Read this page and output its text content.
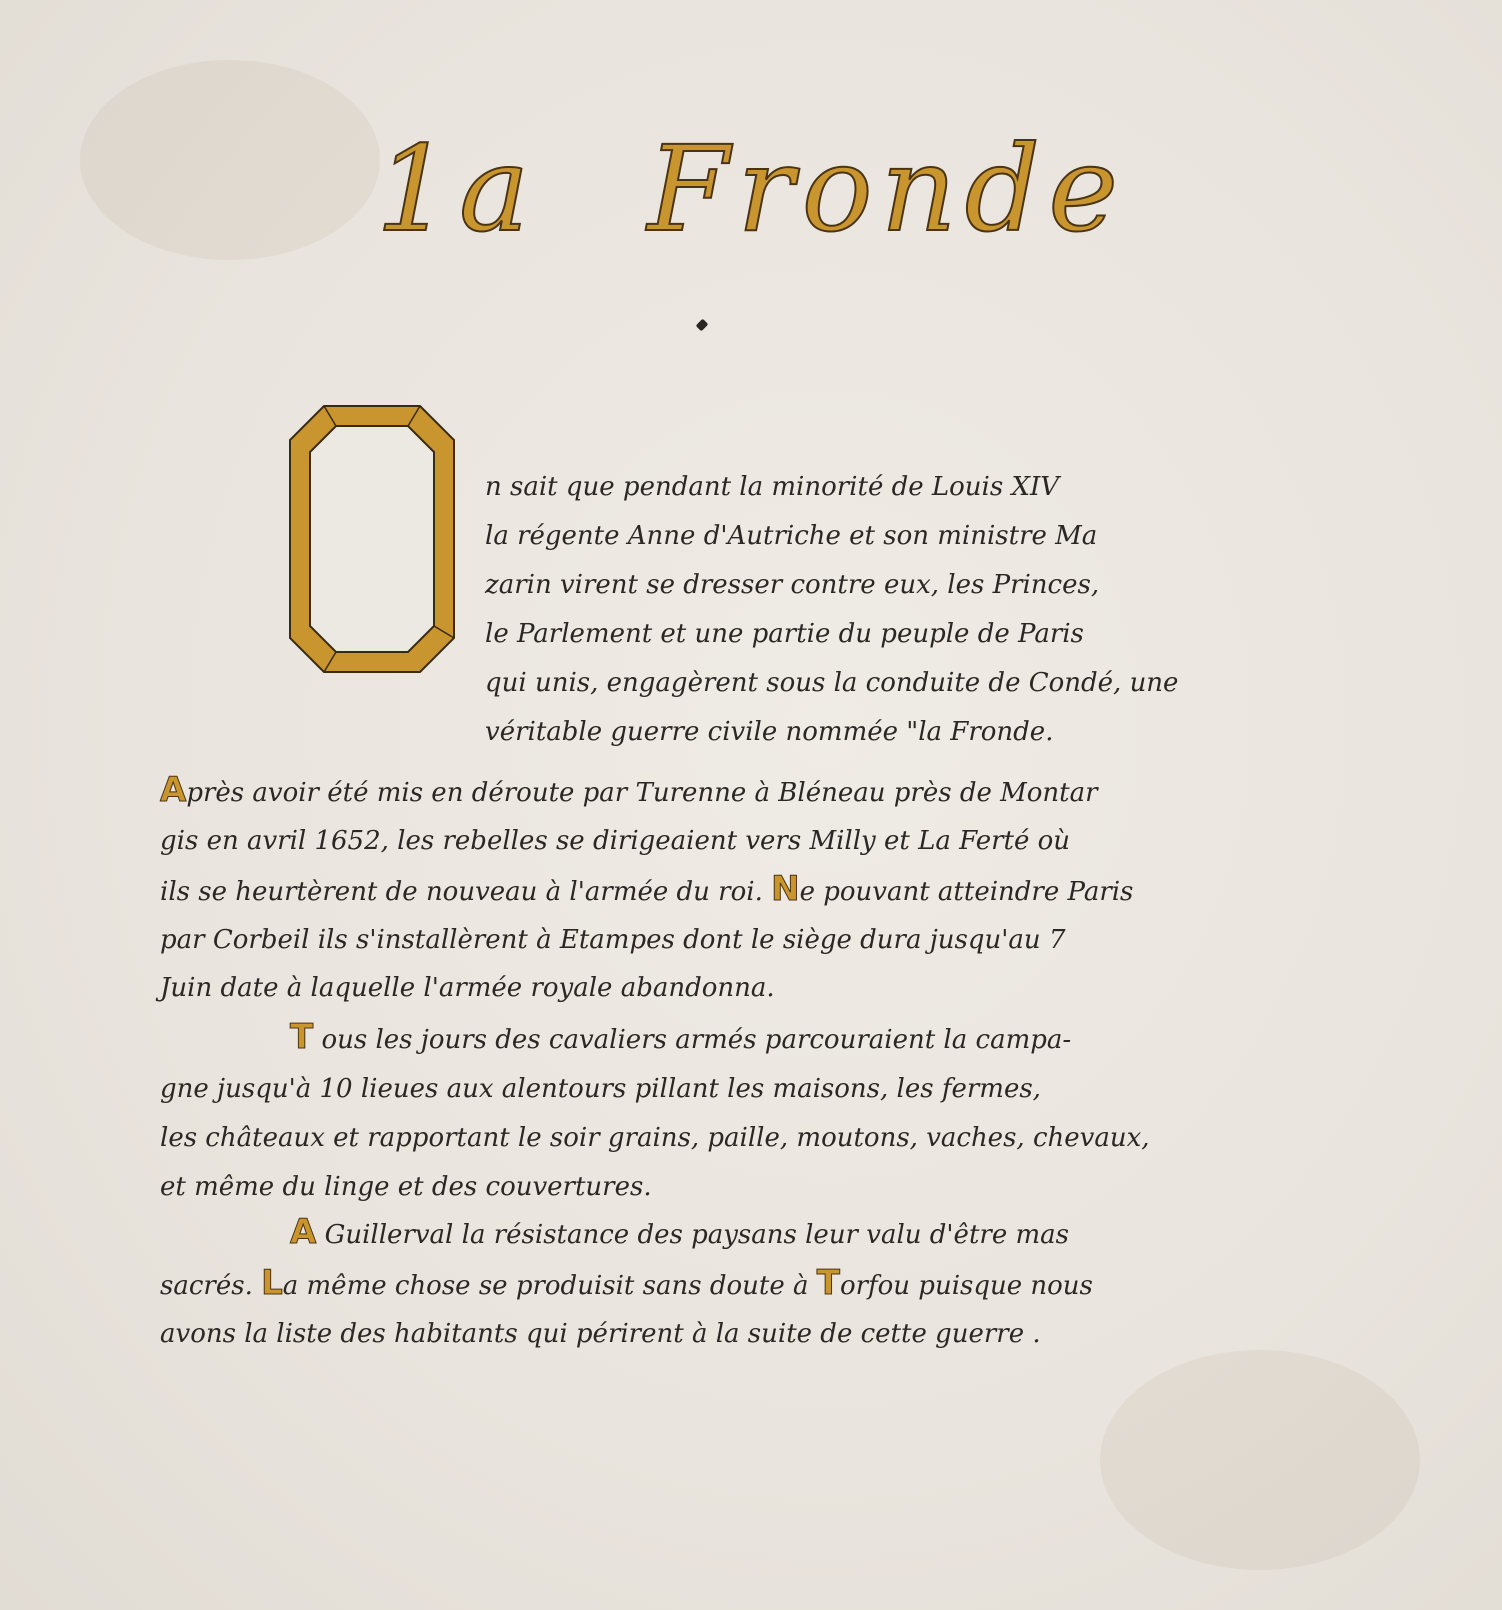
1a Fronde
n sait que pendant la minorité de Louis XIV
la régente Anne d'Autriche et son ministre Ma
zarin virent se dresser contre eux, les Princes,
le Parlement et une partie du peuple de Paris
qui unis, engagèrent sous la conduite de Condé, une
véritable guerre civile nommée "la Fronde.
Après avoir été mis en déroute par Turenne à Bléneau près de Montar
gis en avril 1652, les rebelles se dirigeaient vers Milly et La Ferté où
ils se heurtèrent de nouveau à l'armée du roi. Ne pouvant atteindre Paris
par Corbeil ils s'installèrent à Etampes dont le siège dura jusqu'au 7
Juin date à laquelle l'armée royale abandonna.
T ous les jours des cavaliers armés parcouraient la campa-
gne jusqu'à 10 lieues aux alentours pillant les maisons, les fermes,
les châteaux et rapportant le soir grains, paille, moutons, vaches, chevaux,
et même du linge et des couvertures.
A Guillerval la résistance des paysans leur valu d'être mas
sacrés. La même chose se produisit sans doute à Torfou puisque nous
avons la liste des habitants qui périrent à la suite de cette guerre .
